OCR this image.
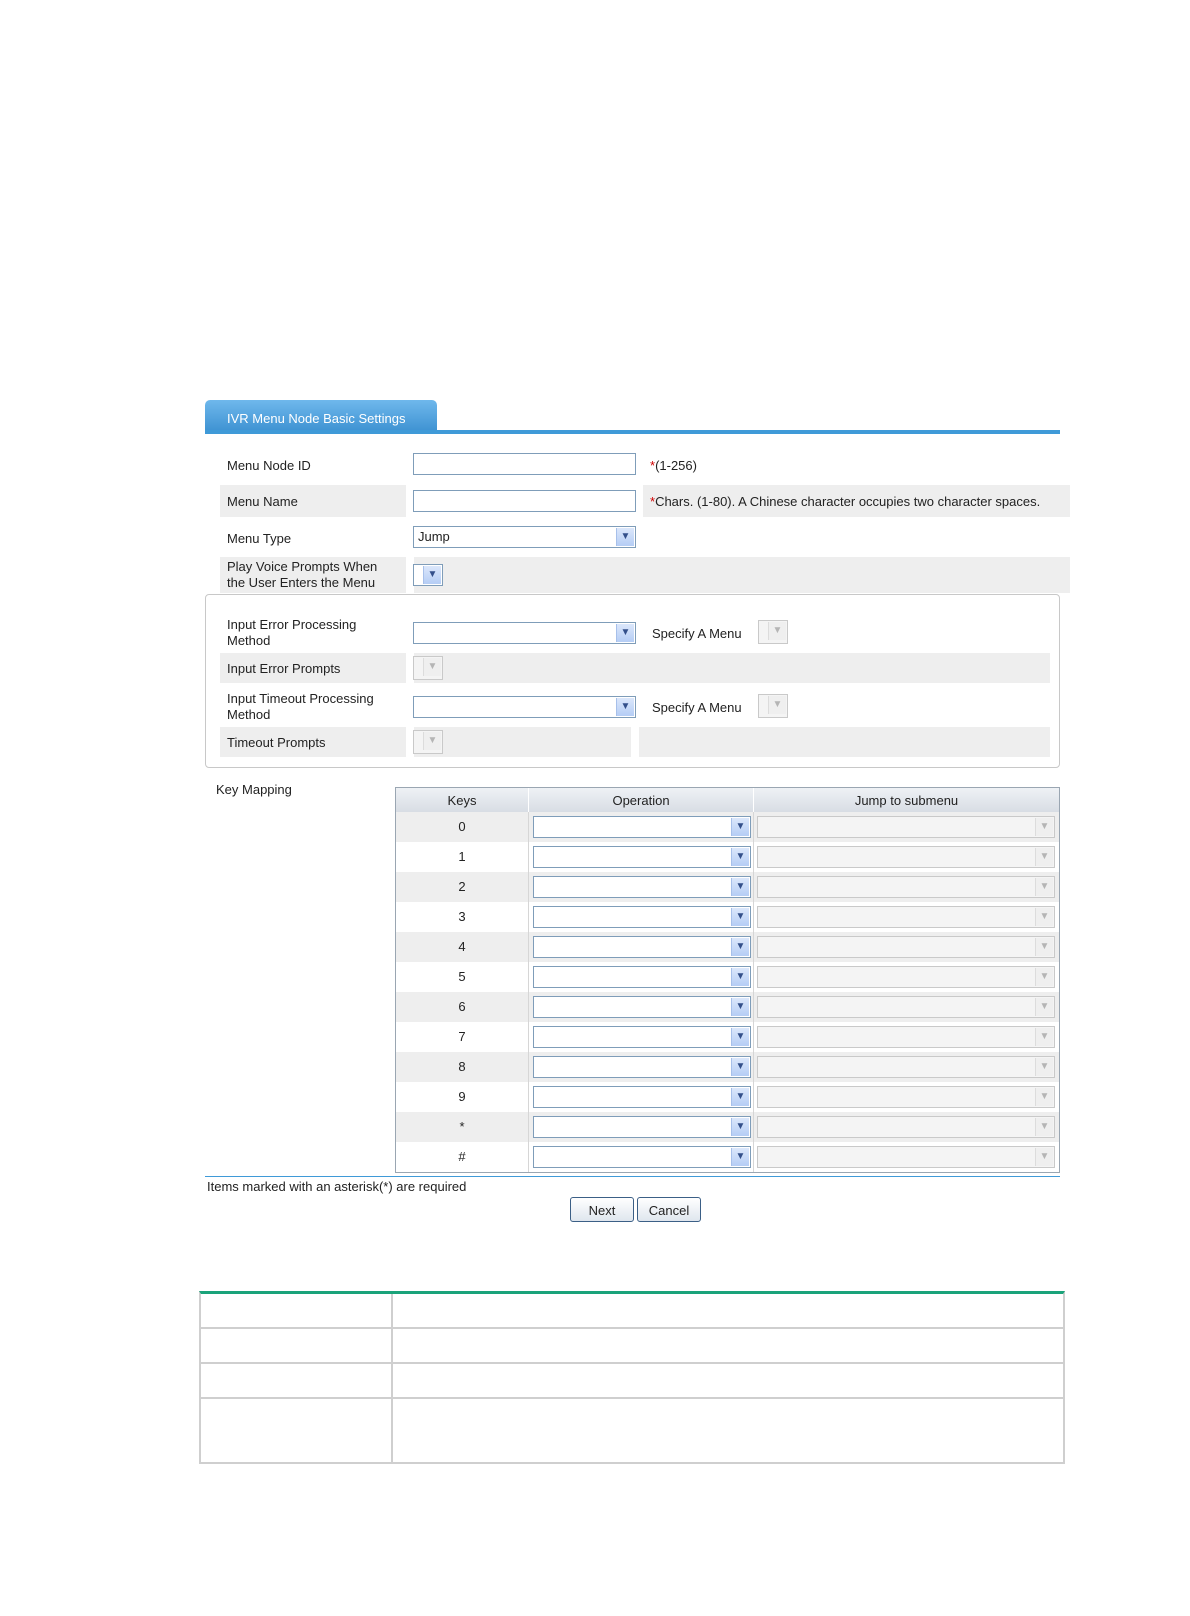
IVR Menu Node Basic Settings
Menu Node ID	*(1-256)
Menu Name	*Chars. (1-80). A Chinese character occupies two character spaces.
Menu Type	Jump	▼
Play Voice Prompts When
the User Enters the Menu
▼
Input Error Processing
Method
▼ Specify A Menu	▼
Input Error Prompts	▼
Input Timeout Processing
Method
▼ Specify A Menu	▼
Timeout Prompts	▼
Key Mapping
Keys	Operation	Jump to submenu
0	▼	▼
1	▼	▼
2	▼	▼
3	▼	▼
4	▼	▼
5	▼	▼
6	▼	▼
7	▼	▼
8	▼	▼
9	▼	▼
*	▼	▼
#	▼	▼
Items marked with an asterisk(*) are required
Next	Cancel
